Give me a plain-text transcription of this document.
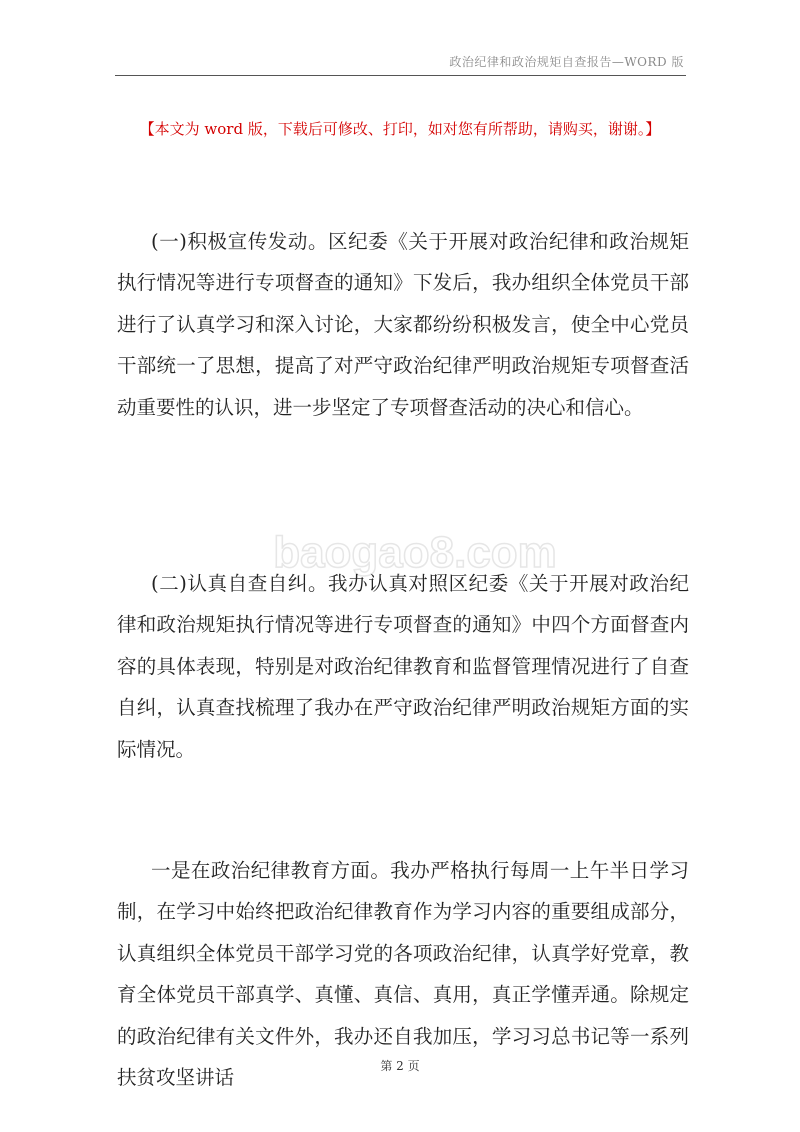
政治纪律和政治规矩自查报告—WORD 版
【本文为 word 版，下载后可修改、打印，如对您有所帮助，请购买，谢谢。】

(一)积极宣传发动。区纪委《关于开展对政治纪律和政治规矩执行情况等进行专项督查的通知》下发后，我办组织全体党员干部进行了认真学习和深入讨论，大家都纷纷积极发言，使全中心党员干部统一了思想，提高了对严守政治纪律严明政治规矩专项督查活动重要性的认识，进一步坚定了专项督查活动的决心和信心。

baogao8.com

(二)认真自查自纠。我办认真对照区纪委《关于开展对政治纪律和政治规矩执行情况等进行专项督查的通知》中四个方面督查内容的具体表现，特别是对政治纪律教育和监督管理情况进行了自查自纠，认真查找梳理了我办在严守政治纪律严明政治规矩方面的实际情况。

一是在政治纪律教育方面。我办严格执行每周一上午半日学习制，在学习中始终把政治纪律教育作为学习内容的重要组成部分，认真组织全体党员干部学习党的各项政治纪律，认真学好党章，教育全体党员干部真学、真懂、真信、真用，真正学懂弄通。除规定的政治纪律有关文件外，我办还自我加压，学习习总书记等一系列扶贫攻坚讲话	第 2 页
